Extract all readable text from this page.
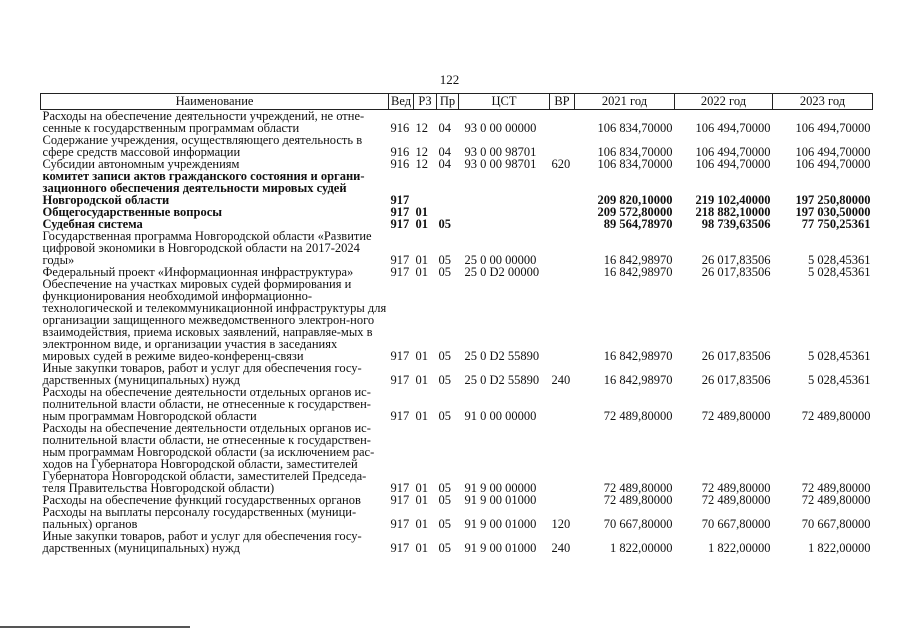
122
Наименование	Вед	РЗ	Пр	ЦСТ	ВР	2021 год	2022 год	2023 год
Расходы на обеспечение деятельности учреждений, не отне-сенные к государственным программам области	916	12	04	93 0 00 00000		106 834,70000	106 494,70000	106 494,70000
Содержание учреждения, осуществляющего деятельность в сфере средств массовой информации	916	12	04	93 0 00 98701		106 834,70000	106 494,70000	106 494,70000
Субсидии автономным учреждениям	916	12	04	93 0 00 98701	620	106 834,70000	106 494,70000	106 494,70000
комитет записи актов гражданского состояния и органи-зационного обеспечения деятельности мировых судей Новгородской области	917					209 820,10000	219 102,40000	197 250,80000
Общегосударственные вопросы	917	01				209 572,80000	218 882,10000	197 030,50000
Судебная система	917	01	05			89 564,78970	98 739,63506	77 750,25361
Государственная программа Новгородской области «Развитие цифровой экономики в Новгородской области на 2017-2024 годы»	917	01	05	25 0 00 00000		16 842,98970	26 017,83506	5 028,45361
Федеральный проект «Информационная инфраструктура»	917	01	05	25 0 D2 00000		16 842,98970	26 017,83506	5 028,45361
Обеспечение на участках мировых судей формирования и функционирования необходимой информационно-технологической и телекоммуникационной инфраструктуры для организации защищенного межведомственного электрон-ного взаимодействия, приема исковых заявлений, направляе-мых в электронном виде, и организации участия в заседаниях мировых судей в режиме видео-конференц-связи	917	01	05	25 0 D2 55890		16 842,98970	26 017,83506	5 028,45361
Иные закупки товаров, работ и услуг для обеспечения госу-дарственных (муниципальных) нужд	917	01	05	25 0 D2 55890	240	16 842,98970	26 017,83506	5 028,45361
Расходы на обеспечение деятельности отдельных органов ис-полнительной власти области, не отнесенные к государствен-ным программам Новгородской области	917	01	05	91 0 00 00000		72 489,80000	72 489,80000	72 489,80000
Расходы на обеспечение деятельности отдельных органов ис-полнительной власти области, не отнесенные к государствен-ным программам Новгородской области (за исключением рас-ходов на Губернатора Новгородской области, заместителей Губернатора Новгородской области, заместителей Председа-теля Правительства Новгородской области)	917	01	05	91 9 00 00000		72 489,80000	72 489,80000	72 489,80000
Расходы на обеспечение функций государственных органов	917	01	05	91 9 00 01000		72 489,80000	72 489,80000	72 489,80000
Расходы на выплаты персоналу государственных (муници-пальных) органов	917	01	05	91 9 00 01000	120	70 667,80000	70 667,80000	70 667,80000
Иные закупки товаров, работ и услуг для обеспечения госу-дарственных (муниципальных) нужд	917	01	05	91 9 00 01000	240	1 822,00000	1 822,00000	1 822,00000
